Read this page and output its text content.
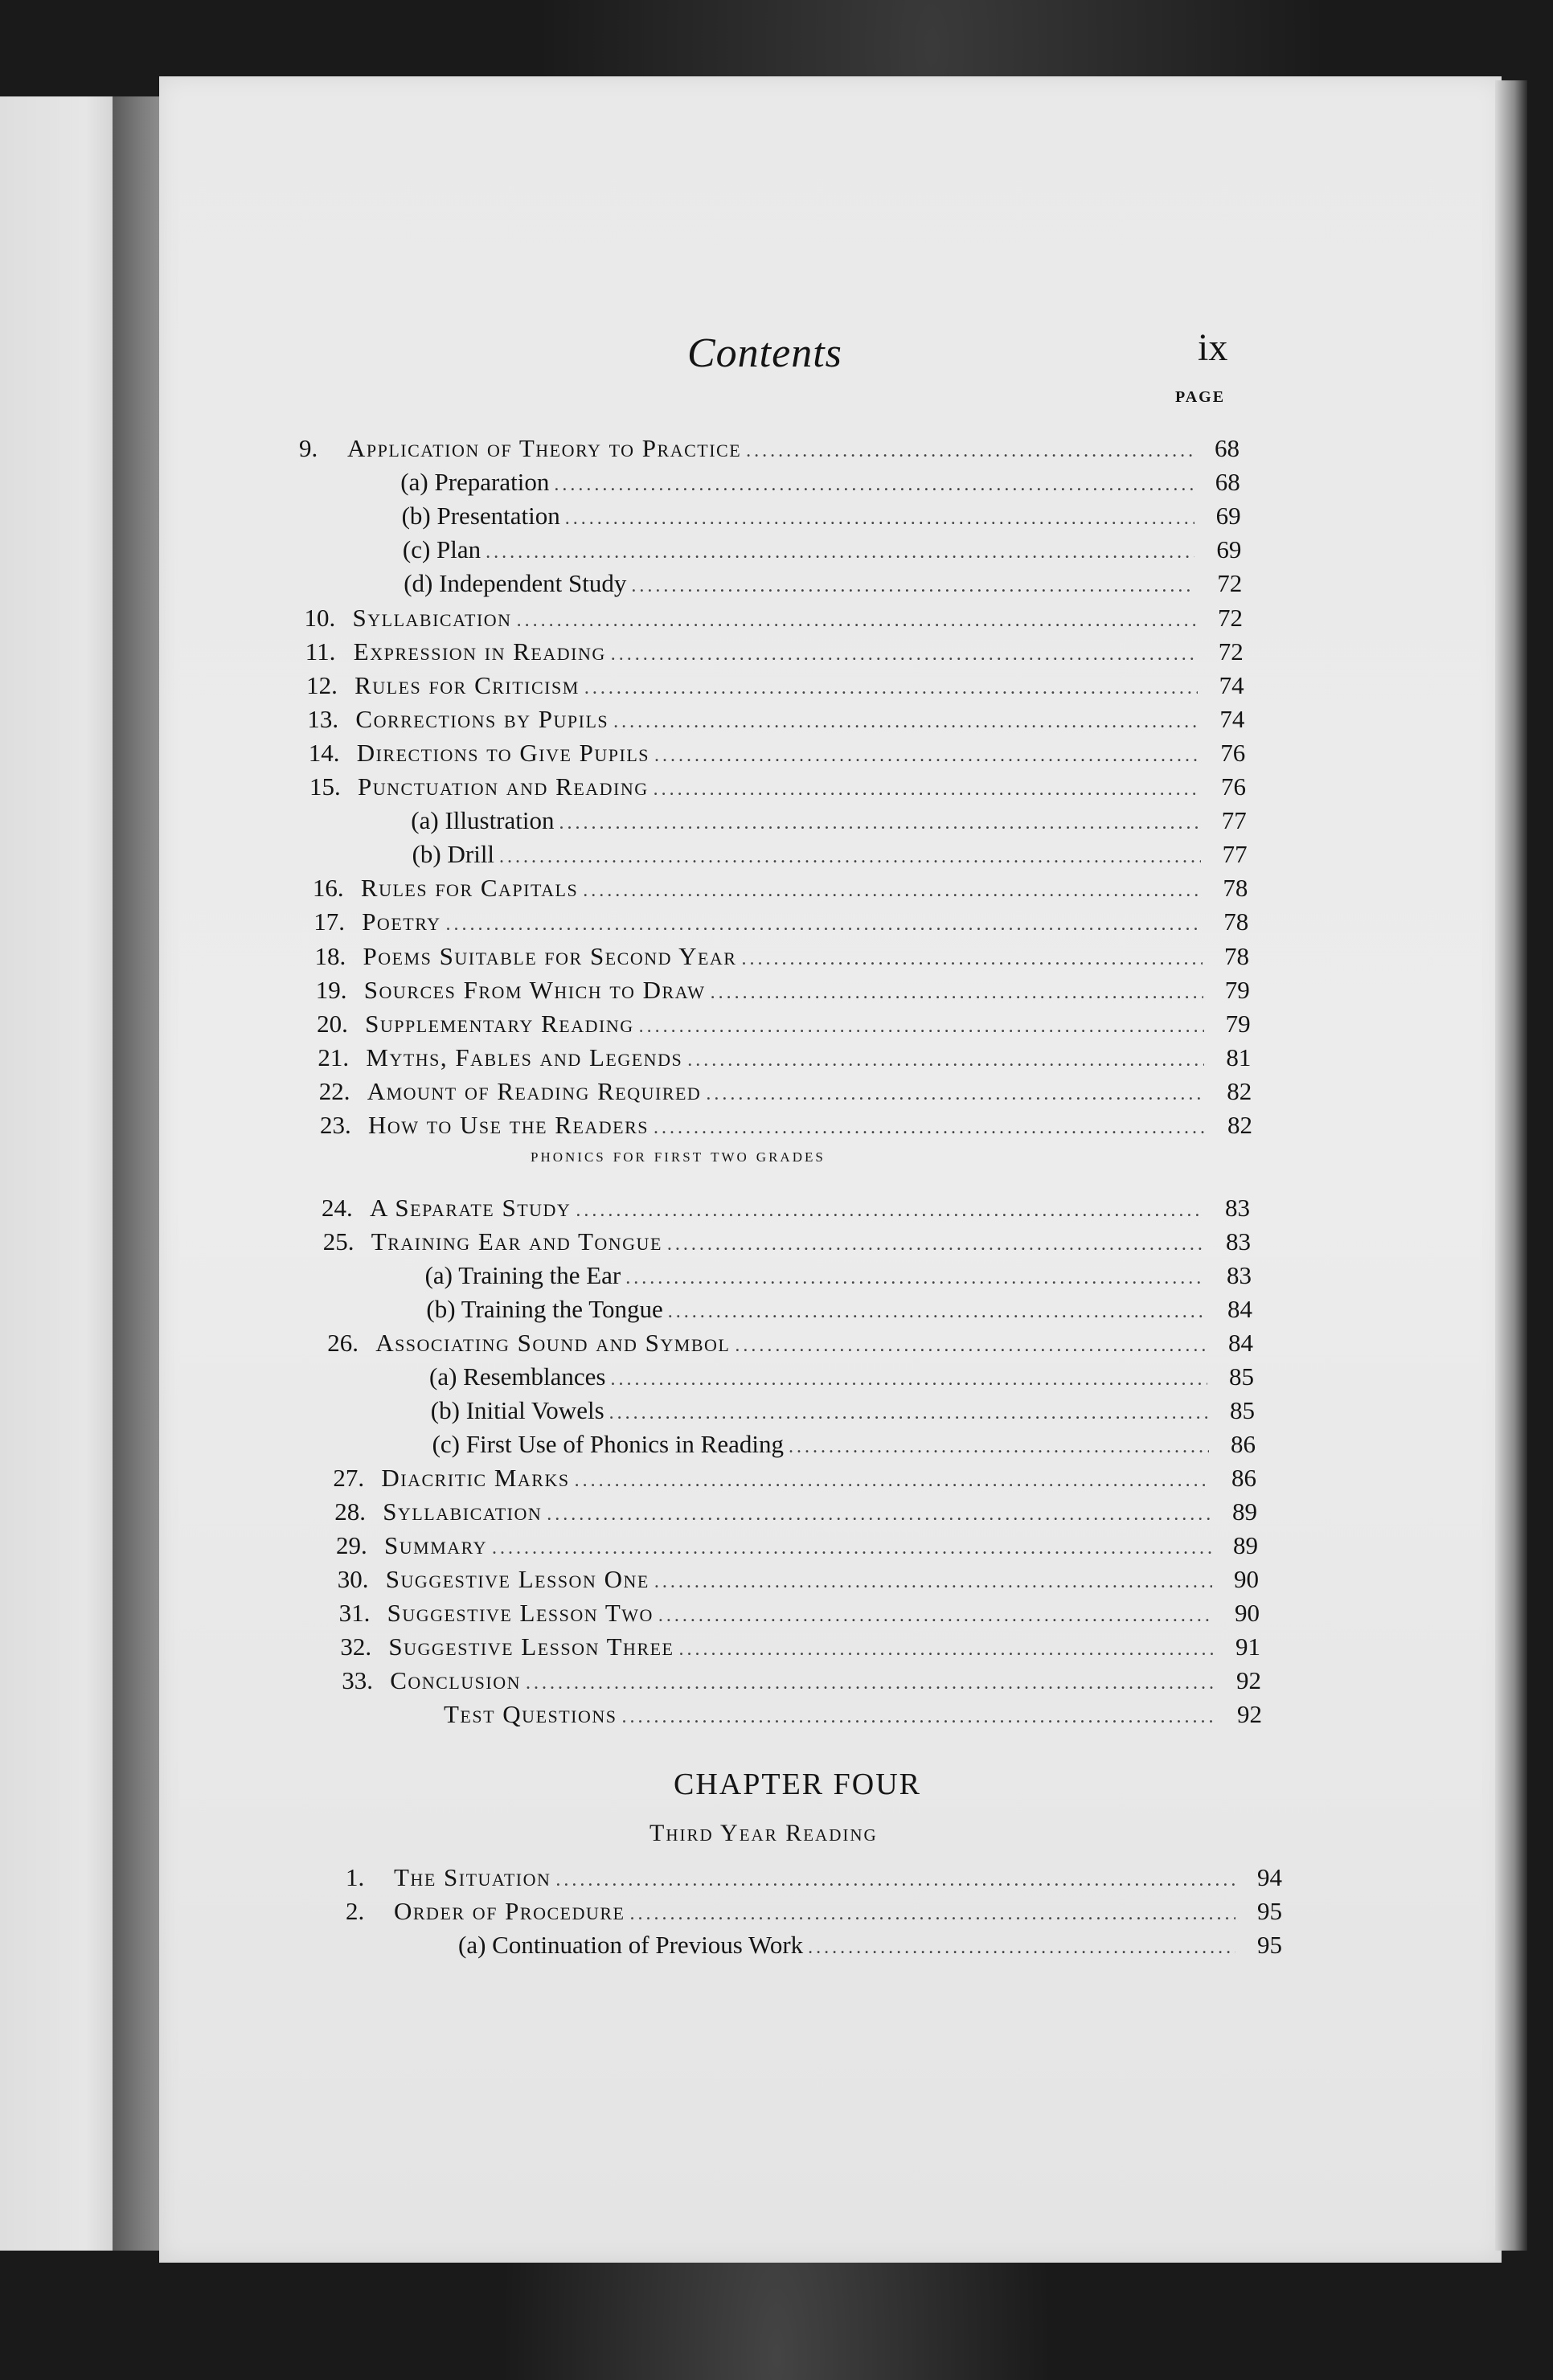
Contents	ix
PAGE
phonics for first two grades
CHAPTER FOUR
Third Year Reading
9.	Application of Theory to Practice .....	68
(a) Preparation .....	68
(b) Presentation .....	69
(c) Plan .....	69
(d) Independent Study .....	72
10. Syllabication .....	72
11. Expression in Reading .....	72
12. Rules for Criticism .....	74
13. Corrections by Pupils .....	74
14. Directions to Give Pupils .....	76
15. Punctuation and Reading .....	76
(a) Illustration .....	77
(b) Drill .....	77
16. Rules for Capitals .....	78
17. Poetry .....	78
18. Poems Suitable for Second Year .....	78
19. Sources From Which to Draw .....	79
20. Supplementary Reading .....	79
21. Myths, Fables and Legends .....	81
22. Amount of Reading Required .....	82
23. How to Use the Readers .....	82
24. A Separate Study .....	83
25. Training Ear and Tongue .....	83
(a) Training the Ear .....	83
(b) Training the Tongue .....	84
26. Associating Sound and Symbol .....	84
(a) Resemblances .....	85
(b) Initial Vowels .....	85
(c) First Use of Phonics in Reading .....	86
27. Diacritic Marks .....	86
28. Syllabication .....	89
29. Summary .....	89
30. Suggestive Lesson One .....	90
31. Suggestive Lesson Two .....	90
32. Suggestive Lesson Three .....	91
33. Conclusion .....	92
Test Questions .....	92
1.	The Situation .....	94
2.	Order of Procedure .....	95
(a) Continuation of Previous Work .....	95
